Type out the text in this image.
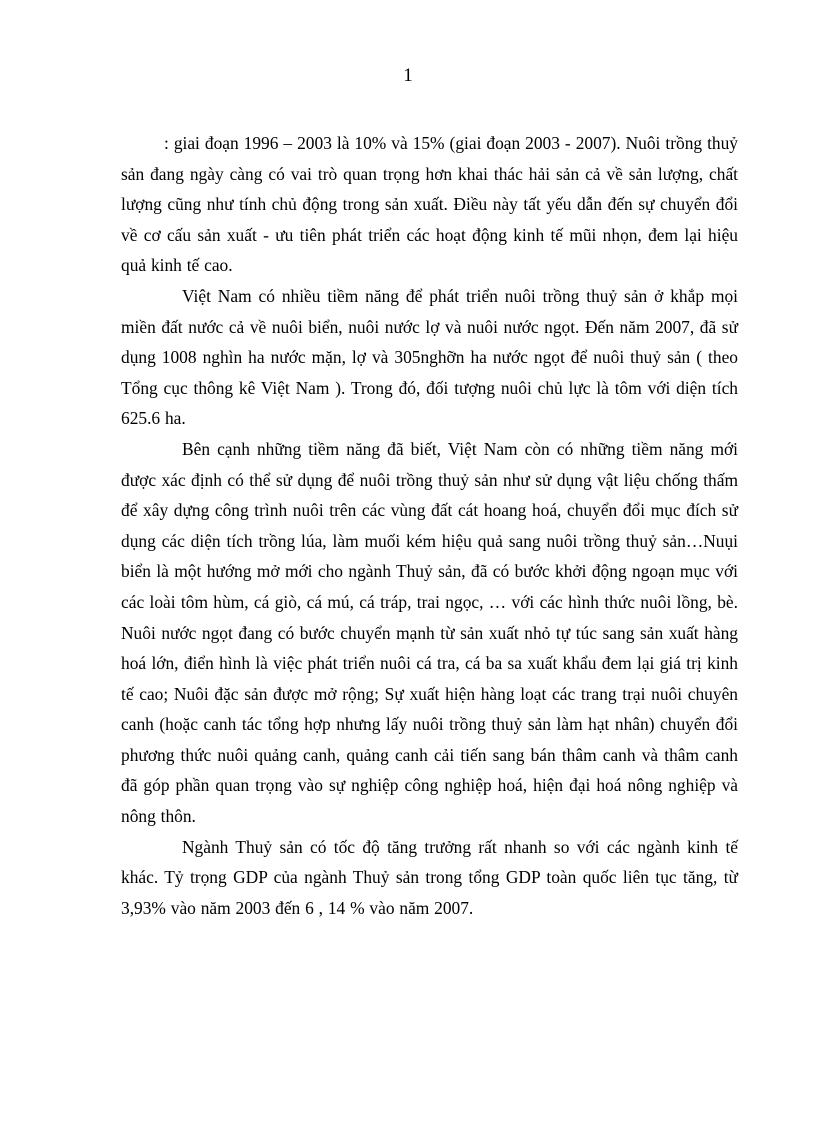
1

: giai đoạn 1996 – 2003 là 10% và 15% (giai đoạn 2003 - 2007). Nuôi trồng thuỷ sản đang ngày càng có vai trò quan trọng hơn khai thác hải sản cả về sản lượng, chất lượng cũng như tính chủ động trong sản xuất. Điều này tất yếu dẫn đến sự chuyển đổi về cơ cấu sản xuất - ưu tiên phát triển các hoạt động kinh tế mũi nhọn, đem lại hiệu quả kinh tế cao.

Việt Nam có nhiều tiềm năng để phát triển nuôi trồng thuỷ sản ở khắp mọi miền đất nước cả về nuôi biển, nuôi nước lợ và nuôi nước ngọt. Đến năm 2007, đã sử dụng 1008 nghìn ha nước mặn, lợ và 305nghỡn ha nước ngọt để nuôi thuỷ sản ( theo Tổng cục thông kê Việt Nam ). Trong đó, đối tượng nuôi chủ lực là tôm với diện tích 625.6 ha.

Bên cạnh những tiềm năng đã biết, Việt Nam còn có những tiềm năng mới được xác định có thể sử dụng để nuôi trồng thuỷ sản như sử dụng vật liệu chống thấm để xây dựng công trình nuôi trên các vùng đất cát hoang hoá, chuyển đổi mục đích sử dụng các diện tích trồng lúa, làm muối kém hiệu quả sang nuôi trồng thuỷ sản…Nuụi biển là một hướng mở mới cho ngành Thuỷ sản, đã có bước khởi động ngoạn mục với các loài tôm hùm, cá giò, cá mú, cá tráp, trai ngọc, … với các hình thức nuôi lồng, bè. Nuôi nước ngọt đang có bước chuyển mạnh từ sản xuất nhỏ tự túc sang sản xuất hàng hoá lớn, điển hình là việc phát triển nuôi cá tra, cá ba sa xuất khẩu đem lại giá trị kinh tế cao; Nuôi đặc sản được mở rộng; Sự xuất hiện hàng loạt các trang trại nuôi chuyên canh (hoặc canh tác tổng hợp nhưng lấy nuôi trồng thuỷ sản làm hạt nhân) chuyển đổi phương thức nuôi quảng canh, quảng canh cải tiến sang bán thâm canh và thâm canh đã góp phần quan trọng vào sự nghiệp công nghiệp hoá, hiện đại hoá nông nghiệp và nông thôn.

Ngành Thuỷ sản có tốc độ tăng trưởng rất nhanh so với các ngành kinh tế khác. Tỷ trọng GDP của ngành Thuỷ sản trong tổng GDP toàn quốc liên tục tăng, từ 3,93% vào năm 2003 đến 6 , 14 % vào năm 2007.
